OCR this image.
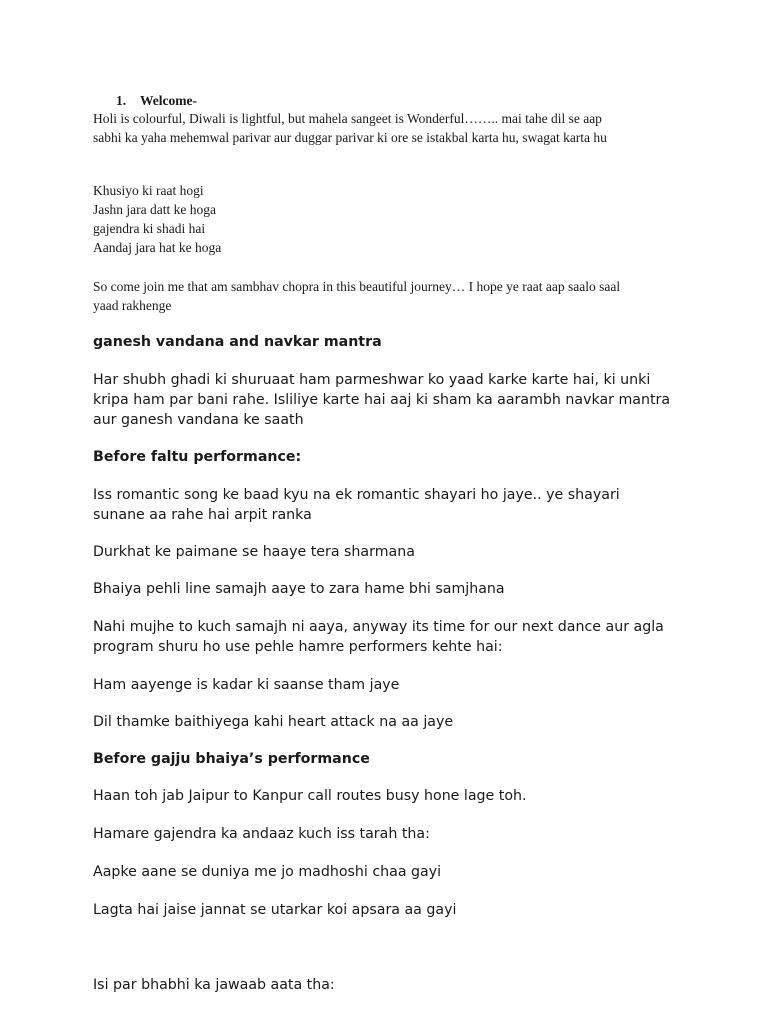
1. Welcome-

Holi is colourful, Diwali is lightful, but mahela sangeet is Wonderful…….. mai tahe dil se aap
sabhi ka yaha mehemwal parivar aur duggar parivar ki ore se istakbal karta hu, swagat karta hu

Khusiyo ki raat hogi
Jashn jara datt ke hoga
gajendra ki shadi hai
Aandaj jara hat ke hoga

So come join me that am sambhav chopra in this beautiful journey… I hope ye raat aap saalo saal
yaad rakhenge

ganesh vandana and navkar mantra

Har shubh ghadi ki shuruaat ham parmeshwar ko yaad karke karte hai, ki unki
kripa ham par bani rahe. Isliliye karte hai aaj ki sham ka aarambh navkar mantra
aur ganesh vandana ke saath

Before faltu performance:

Iss romantic song ke baad kyu na ek romantic shayari ho jaye.. ye shayari
sunane aa rahe hai arpit ranka

Durkhat ke paimane se haaye tera sharmana

Bhaiya pehli line samajh aaye to zara hame bhi samjhana

Nahi mujhe to kuch samajh ni aaya, anyway its time for our next dance aur agla
program shuru ho use pehle hamre performers kehte hai:

Ham aayenge is kadar ki saanse tham jaye

Dil thamke baithiyega kahi heart attack na aa jaye

Before gajju bhaiya’s performance

Haan toh jab Jaipur to Kanpur call routes busy hone lage toh.

Hamare gajendra ka andaaz kuch iss tarah tha:

Aapke aane se duniya me jo madhoshi chaa gayi

Lagta hai jaise jannat se utarkar koi apsara aa gayi

Isi par bhabhi ka jawaab aata tha:
